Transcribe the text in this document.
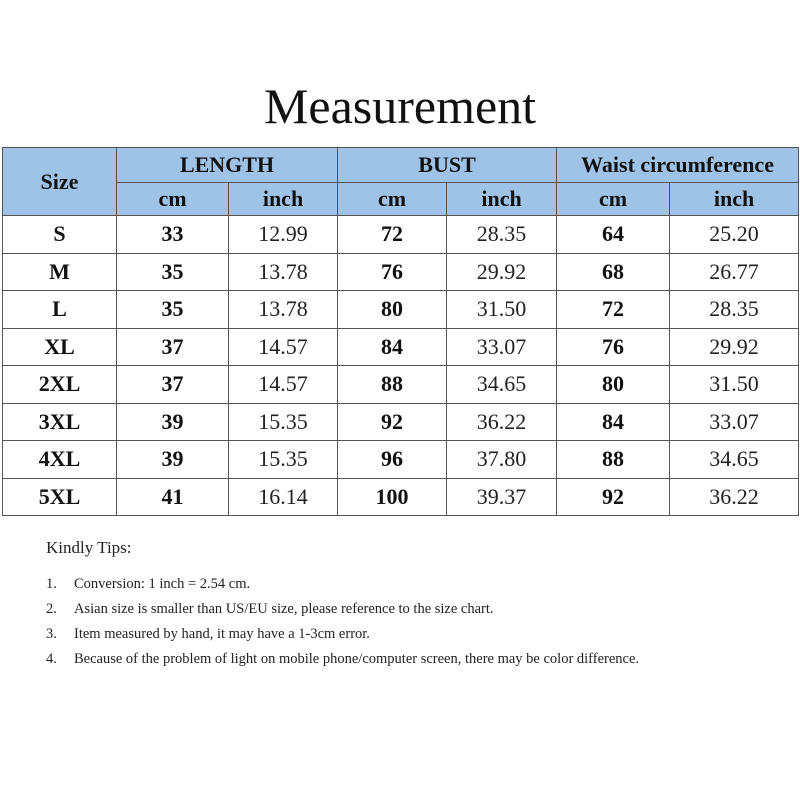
Measurement
Size	LENGTH		BUST		Waist circumference	
	cm	inch	cm	inch	cm	inch
S	33	12.99	72	28.35	64	25.20
M	35	13.78	76	29.92	68	26.77
L	35	13.78	80	31.50	72	28.35
XL	37	14.57	84	33.07	76	29.92
2XL	37	14.57	88	34.65	80	31.50
3XL	39	15.35	92	36.22	84	33.07
4XL	39	15.35	96	37.80	88	34.65
5XL	41	16.14	100	39.37	92	36.22
Kindly Tips:
1. Conversion: 1 inch = 2.54 cm.
2. Asian size is smaller than US/EU size, please reference to the size chart.
3. Item measured by hand, it may have a 1-3cm error.
4. Because of the problem of light on mobile phone/computer screen, there may be color difference.
